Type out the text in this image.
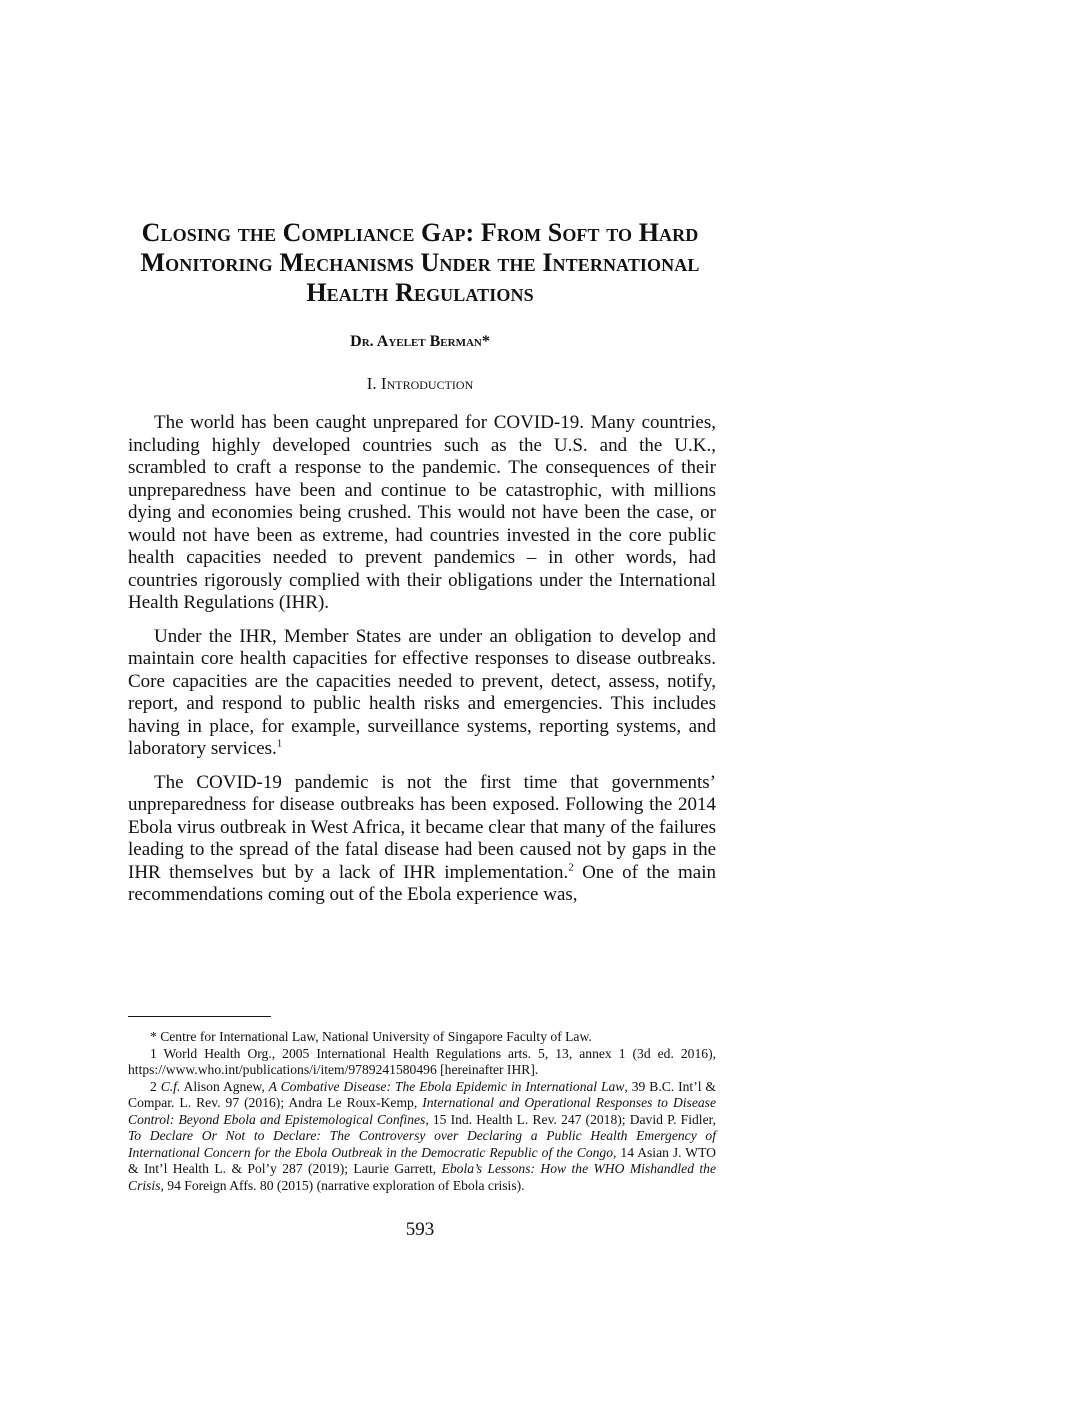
Closing the Compliance Gap: From Soft to Hard
Monitoring Mechanisms Under the International
Health Regulations
Dr. Ayelet Berman*
I. Introduction

The world has been caught unprepared for COVID-19. Many countries, including highly developed countries such as the U.S. and the U.K., scrambled to craft a response to the pandemic. The consequences of their unpreparedness have been and continue to be catastrophic, with millions dying and economies being crushed. This would not have been the case, or would not have been as extreme, had countries invested in the core public health capacities needed to prevent pandemics – in other words, had countries rigorously complied with their obligations under the International Health Regulations (IHR).

Under the IHR, Member States are under an obligation to develop and maintain core health capacities for effective responses to disease outbreaks. Core capacities are the capacities needed to prevent, detect, assess, notify, report, and respond to public health risks and emergencies. This includes having in place, for example, surveillance systems, reporting systems, and laboratory services.$^1$

The COVID-19 pandemic is not the first time that governments’ unpreparedness for disease outbreaks has been exposed. Following the 2014 Ebola virus outbreak in West Africa, it became clear that many of the failures leading to the spread of the fatal disease had been caused not by gaps in the IHR themselves but by a lack of IHR implementation.$^2$ One of the main recommendations coming out of the Ebola experience was,

* Centre for International Law, National University of Singapore Faculty of Law.

1 World Health Org., 2005 International Health Regulations arts. 5, 13, annex 1 (3d ed. 2016), https://www.who.int/publications/i/item/9789241580496 [hereinafter IHR].

2 C.f. Alison Agnew, A Combative Disease: The Ebola Epidemic in International Law, 39 B.C. Int’l & Compar. L. Rev. 97 (2016); Andra Le Roux-Kemp, International and Operational Responses to Disease Control: Beyond Ebola and Epistemological Confines, 15 Ind. Health L. Rev. 247 (2018); David P. Fidler, To Declare Or Not to Declare: The Controversy over Declaring a Public Health Emergency of International Concern for the Ebola Outbreak in the Democratic Republic of the Congo, 14 Asian J. WTO & Int’l Health L. & Pol’y 287 (2019); Laurie Garrett, Ebola’s Lessons: How the WHO Mishandled the Crisis, 94 Foreign Affs. 80 (2015) (narrative exploration of Ebola crisis).

593
